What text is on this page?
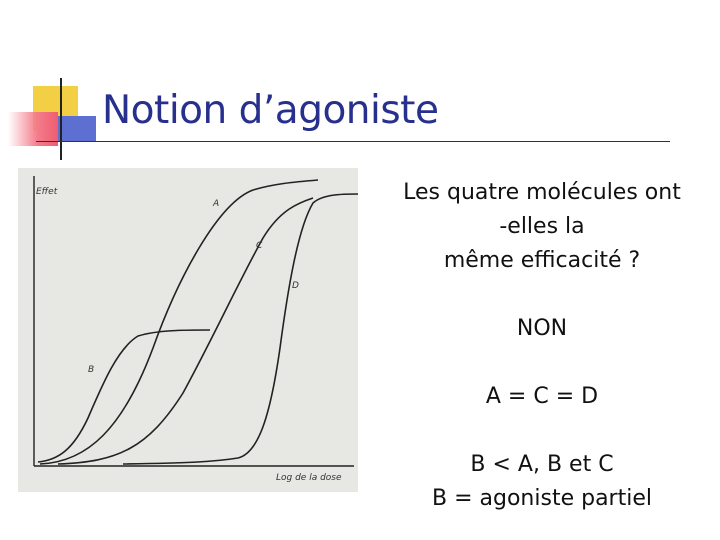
Notion d’agoniste
Effet
Log de la dose
A
B
C
D
Les quatre molécules ont
-elles la
même efficacité ?
NON
A = C = D
B < A, B et C
B = agoniste partiel
